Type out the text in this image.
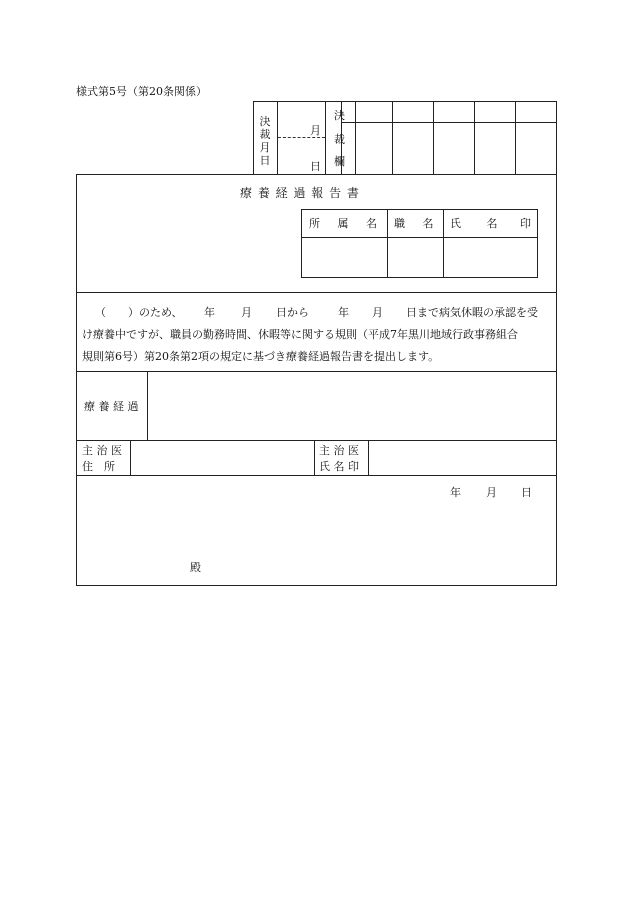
様式第5号（第20条関係）
決
裁
月
日
月
日
決
裁
欄
療 養 経 過 報 告 書
所 属 名 職 名 氏 名 印
（　　）のため、 年 月 日から	年 月 日まで病気休暇の承認を受
け療養中ですが、職員の勤務時間、休暇等に関する規則（平成7年黒川地域行政事務組合
規則第6号）第20条第2項の規定に基づき療養経過報告書を提出します。
療 養 経 過
主 治 医
住　所
主 治 医
氏 名 印
年 月 日
殿
